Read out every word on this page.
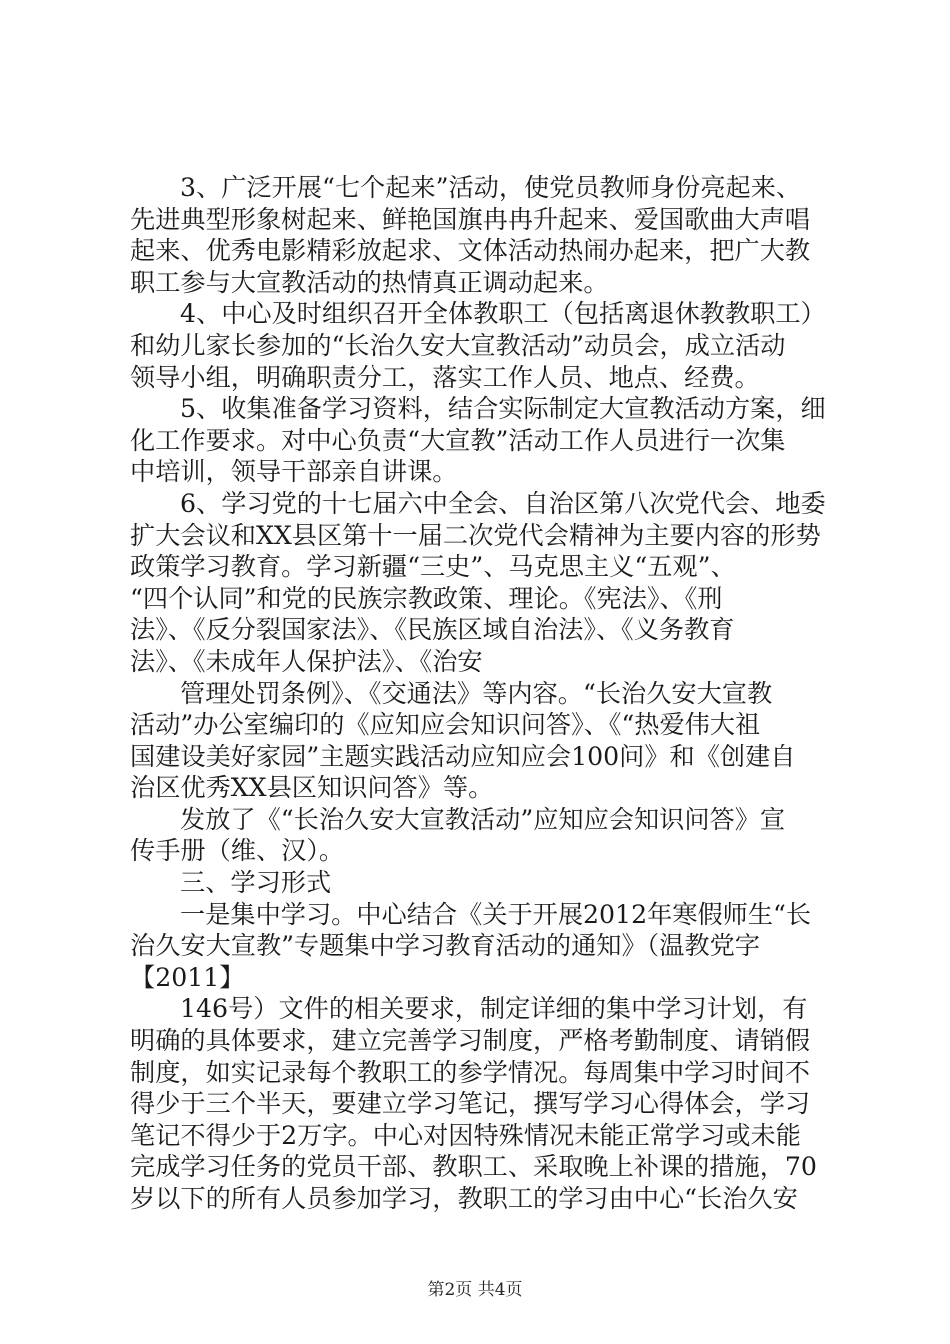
3、广泛开展“七个起来”活动，使党员教师身份亮起来、
先进典型形象树起来、鲜艳国旗冉冉升起来、爱国歌曲大声唱
起来、优秀电影精彩放起求、文体活动热闹办起来，把广大教
职工参与大宣教活动的热情真正调动起来。
4、中心及时组织召开全体教职工（包括离退休教教职工）
和幼儿家长参加的“长治久安大宣教活动”动员会，成立活动
领导小组，明确职责分工，落实工作人员、地点、经费。
5、收集准备学习资料，结合实际制定大宣教活动方案，细
化工作要求。对中心负责“大宣教”活动工作人员进行一次集
中培训，领导干部亲自讲课。
6、学习党的十七届六中全会、自治区第八次党代会、地委
扩大会议和XX县区第十一届二次党代会精神为主要内容的形势
政策学习教育。学习新疆“三史”、马克思主义“五观”、
“四个认同”和党的民族宗教政策、理论。《宪法》、《刑
法》、《反分裂国家法》、《民族区域自治法》、《义务教育
法》、《未成年人保护法》、《治安
管理处罚条例》、《交通法》等内容。“长治久安大宣教
活动”办公室编印的《应知应会知识问答》、《“热爱伟大祖
国建设美好家园”主题实践活动应知应会100问》和《创建自
治区优秀XX县区知识问答》等。
发放了《“长治久安大宣教活动”应知应会知识问答》宣
传手册（维、汉）。
三、学习形式
一是集中学习。中心结合《关于开展2012年寒假师生“长
治久安大宣教”专题集中学习教育活动的通知》（温教党字
【2011】
146号）文件的相关要求，制定详细的集中学习计划，有
明确的具体要求，建立完善学习制度，严格考勤制度、请销假
制度，如实记录每个教职工的参学情况。每周集中学习时间不
得少于三个半天，要建立学习笔记，撰写学习心得体会，学习
笔记不得少于2万字。中心对因特殊情况未能正常学习或未能
完成学习任务的党员干部、教职工、采取晚上补课的措施，70
岁以下的所有人员参加学习，教职工的学习由中心“长治久安
第2页 共4页
